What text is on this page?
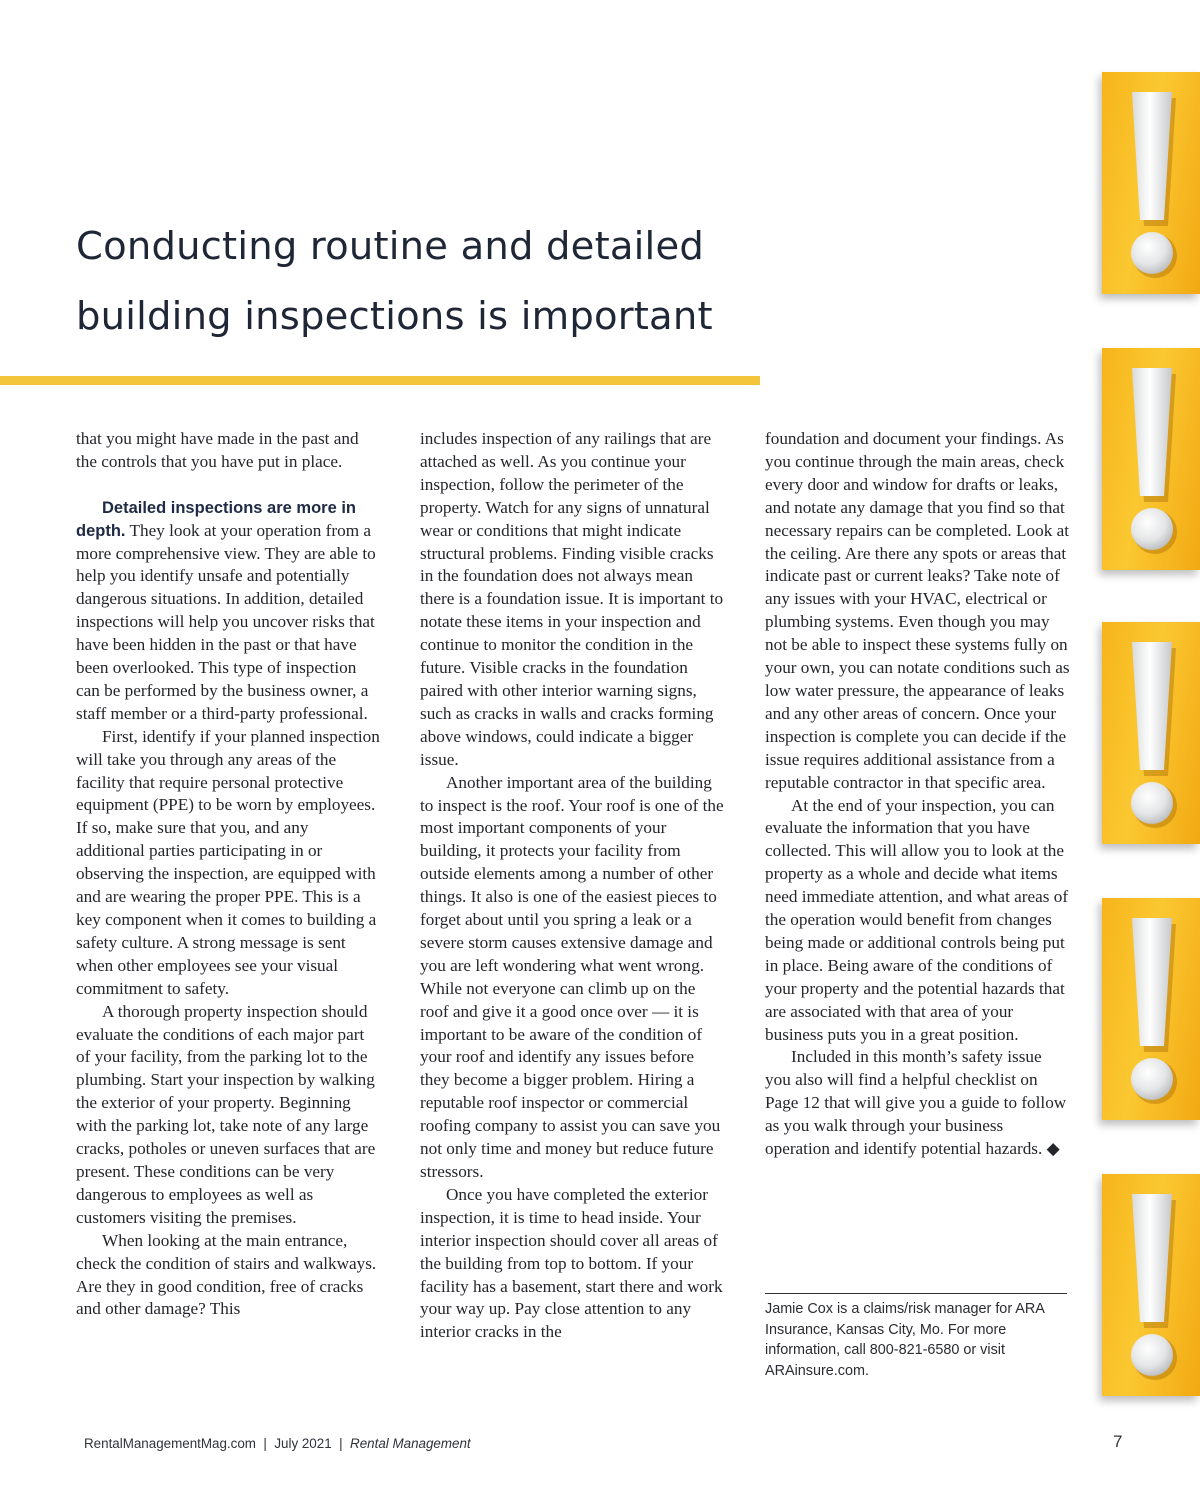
Conducting routine and detailed
building inspections is important

that you might have made in the past and the controls that you have put in place.

Detailed inspections are more in depth. They look at your operation from a more comprehensive view. They are able to help you identify unsafe and potentially dangerous situations. In addition, detailed inspections will help you uncover risks that have been hidden in the past or that have been overlooked. This type of inspection can be performed by the business owner, a staff member or a third-party professional.

First, identify if your planned inspection will take you through any areas of the facility that require personal protective equipment (PPE) to be worn by employees. If so, make sure that you, and any additional parties participating in or observing the inspection, are equipped with and are wearing the proper PPE. This is a key component when it comes to building a safety culture. A strong message is sent when other employees see your visual commitment to safety.

A thorough property inspection should evaluate the conditions of each major part of your facility, from the parking lot to the plumbing. Start your inspection by walking the exterior of your property. Beginning with the parking lot, take note of any large cracks, potholes or uneven surfaces that are present. These conditions can be very dangerous to employees as well as customers visiting the premises.

When looking at the main entrance, check the condition of stairs and walkways. Are they in good condition, free of cracks and other damage? This

includes inspection of any railings that are attached as well. As you continue your inspection, follow the perimeter of the property. Watch for any signs of unnatural wear or conditions that might indicate structural problems. Finding visible cracks in the foundation does not always mean there is a foundation issue. It is important to notate these items in your inspection and continue to monitor the condition in the future. Visible cracks in the foundation paired with other interior warning signs, such as cracks in walls and cracks forming above windows, could indicate a bigger issue.

Another important area of the building to inspect is the roof. Your roof is one of the most important components of your building, it protects your facility from outside elements among a number of other things. It also is one of the easiest pieces to forget about until you spring a leak or a severe storm causes extensive damage and you are left wondering what went wrong. While not everyone can climb up on the roof and give it a good once over — it is important to be aware of the condition of your roof and identify any issues before they become a bigger problem. Hiring a reputable roof inspector or commercial roofing company to assist you can save you not only time and money but reduce future stressors.

Once you have completed the exterior inspection, it is time to head inside. Your interior inspection should cover all areas of the building from top to bottom. If your facility has a basement, start there and work your way up. Pay close attention to any interior cracks in the

foundation and document your findings. As you continue through the main areas, check every door and window for drafts or leaks, and notate any damage that you find so that necessary repairs can be completed. Look at the ceiling. Are there any spots or areas that indicate past or current leaks? Take note of any issues with your HVAC, electrical or plumbing systems. Even though you may not be able to inspect these systems fully on your own, you can notate conditions such as low water pressure, the appearance of leaks and any other areas of concern. Once your inspection is complete you can decide if the issue requires additional assistance from a reputable contractor in that specific area.

At the end of your inspection, you can evaluate the information that you have collected. This will allow you to look at the property as a whole and decide what items need immediate attention, and what areas of the operation would benefit from changes being made or additional controls being put in place. Being aware of the conditions of your property and the potential hazards that are associated with that area of your business puts you in a great position.

Included in this month’s safety issue you also will find a helpful checklist on Page 12 that will give you a guide to follow as you walk through your business operation and identify potential hazards. ◆

Jamie Cox is a claims/risk manager for ARA Insurance, Kansas City, Mo. For more information, call 800-821-6580 or visit ARAinsure.com.

RentalManagementMag.com | July 2021 | Rental Management	7
